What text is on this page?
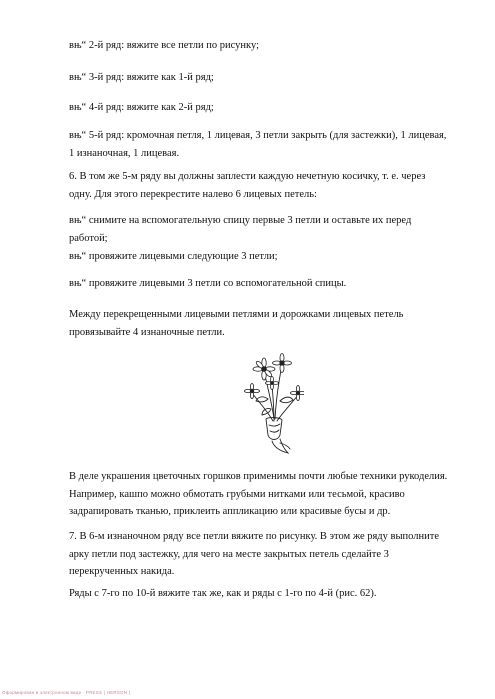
вњ“ 2-й ряд: вяжите все петли по рисунку;

вњ“ 3-й ряд: вяжите как 1-й ряд;

вњ“ 4-й ряд: вяжите как 2-й ряд;

вњ“ 5-й ряд: кромочная петля, 1 лицевая, 3 петли закрыть (для застежки), 1 лицевая, 1 изнаночная, 1 лицевая.

6. В том же 5-м ряду вы должны заплести каждую нечетную косичку, т. е. через одну. Для этого перекрестите налево 6 лицевых петель:

вњ“ снимите на вспомогательную спицу первые 3 петли и оставьте их перед работой;

вњ“ провяжите лицевыми следующие 3 петли;

вњ“ провяжите лицевыми 3 петли со вспомогательной спицы.

Между перекрещенными лицевыми петлями и дорожками лицевых петель провязывайте 4 изнаночные петли.

В деле украшения цветочных горшков применимы почти любые техники рукоделия. Например, кашпо можно обмотать грубыми нитками или тесьмой, красиво задрапировать тканью, приклеить аппликацию или красивые бусы и др.

7. В 6-м изнаночном ряду все петли вяжите по рисунку. В этом же ряду выполните арку петли под застежку, для чего на месте закрытых петель сделайте 3 перекрученных накида.

Ряды с 7-го по 10-й вяжите так же, как и ряды с 1-го по 4-й (рис. 62).

Оформирован в электронном виде · PRESS ( HERSON )
